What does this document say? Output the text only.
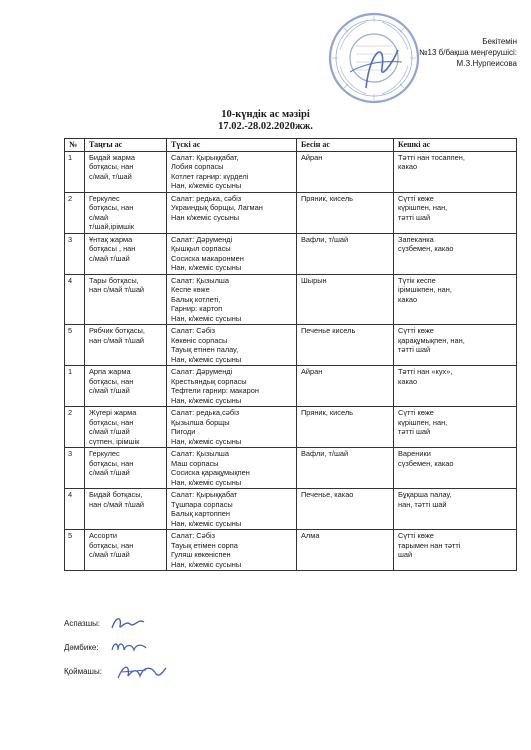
Бекітемін
№13 б/бақша меңгерушісі:
М.З.Нурпеисова
10-күндік ас мәзірі
17.02.-28.02.2020жж.
№	Таңғы ас	Түскі ас	Бесін ас	Кешкі ас
1	Бидай жарма
ботқасы, нан
с/май, т/шай	Салат: Қырыққабат,
Лобия сорпасы
Котлет гарнир: күрделі
Нан, к/жеміс сусыны	Айран	Тәтті нан тосаппен,
какао

2	Геркулес
ботқасы, нан
с/май
т/шай,ірімшік	Салат: редька, сәбіз
Украиндық борщы, Лагман
Нан к/жеміс сусыны	Пряник, кисель	Сүтті көже
күрішпен, нан,
тәтті шай

3	Ұнтақ жарма
ботқасы , нан
с/май т/шай	Салат: Дәруменді
Қышқыл сорпасы
Сосиска макаронмен
Нан, к/жеміс сусыны	Вафли, т/шай	Запеканка
сүзбемен, какао

4	Тары ботқасы,
нан с/май т/шай	Салат: Қызылша
Кеспе көже
Балық котлеті,
Гарнир: картоп
Нан, к/жеміс сусыны	Шырын	Түтік кеспе
ірімшікпен, нан,
какао

5	Рябчик ботқасы,
нан с/май т/шай	Салат: Сәбіз
Көкөніс сорпасы
Тауық етінен палау,
Нан, к/жеміс сусыны	Печенье кисель	Сүтті көже
қарақұмықпен, нан,
тәтті шай

1	Арпа жарма
ботқасы, нан
с/май т/шай	Салат: Дәруменді
Крестьяндық сорпасы
Тефтели гарнир: макарон
Нан, к/жеміс сусыны	Айран	Тәтті нан «кух»,
какао

2	Жүгері жарма
ботқасы, нан
с/май т/шай
сүтпен, ірімшік	Салат: редька,сәбіз
Қызылша борщы
Пигоди
Нан, к/жеміс сусыны	Пряник, кисель	Сүтті көже
күрішпен, нан,
тәтті шай

3	Геркулес
ботқасы, нан
с/май т/шай	Салат: Қызылша
Маш сорпасы
Сосиска қарақұмықпен
Нан, к/жеміс сусыны	Вафли, т/шай	Вареники
сүзбемен, какао

4	Бидай ботқасы,
нан с/май т/шай	Салат: Қырыққабат
Тұшпара сорпасы
Балық картоппен
Нан, к/жеміс сусыны	Печенье, какао	Бұқарша палау,
нан, тәтті шай

5	Ассорти
ботқасы, нан
с/май т/шай	Салат: Сәбіз
Тауық етімен сорпа
Гуляш көкөніспен
Нан, к/жеміс сусыны	Алма	Сүтті көже
тарымен нан тәтті
шай
Аспазшы:
Дәмбике:
Қоймашы:
